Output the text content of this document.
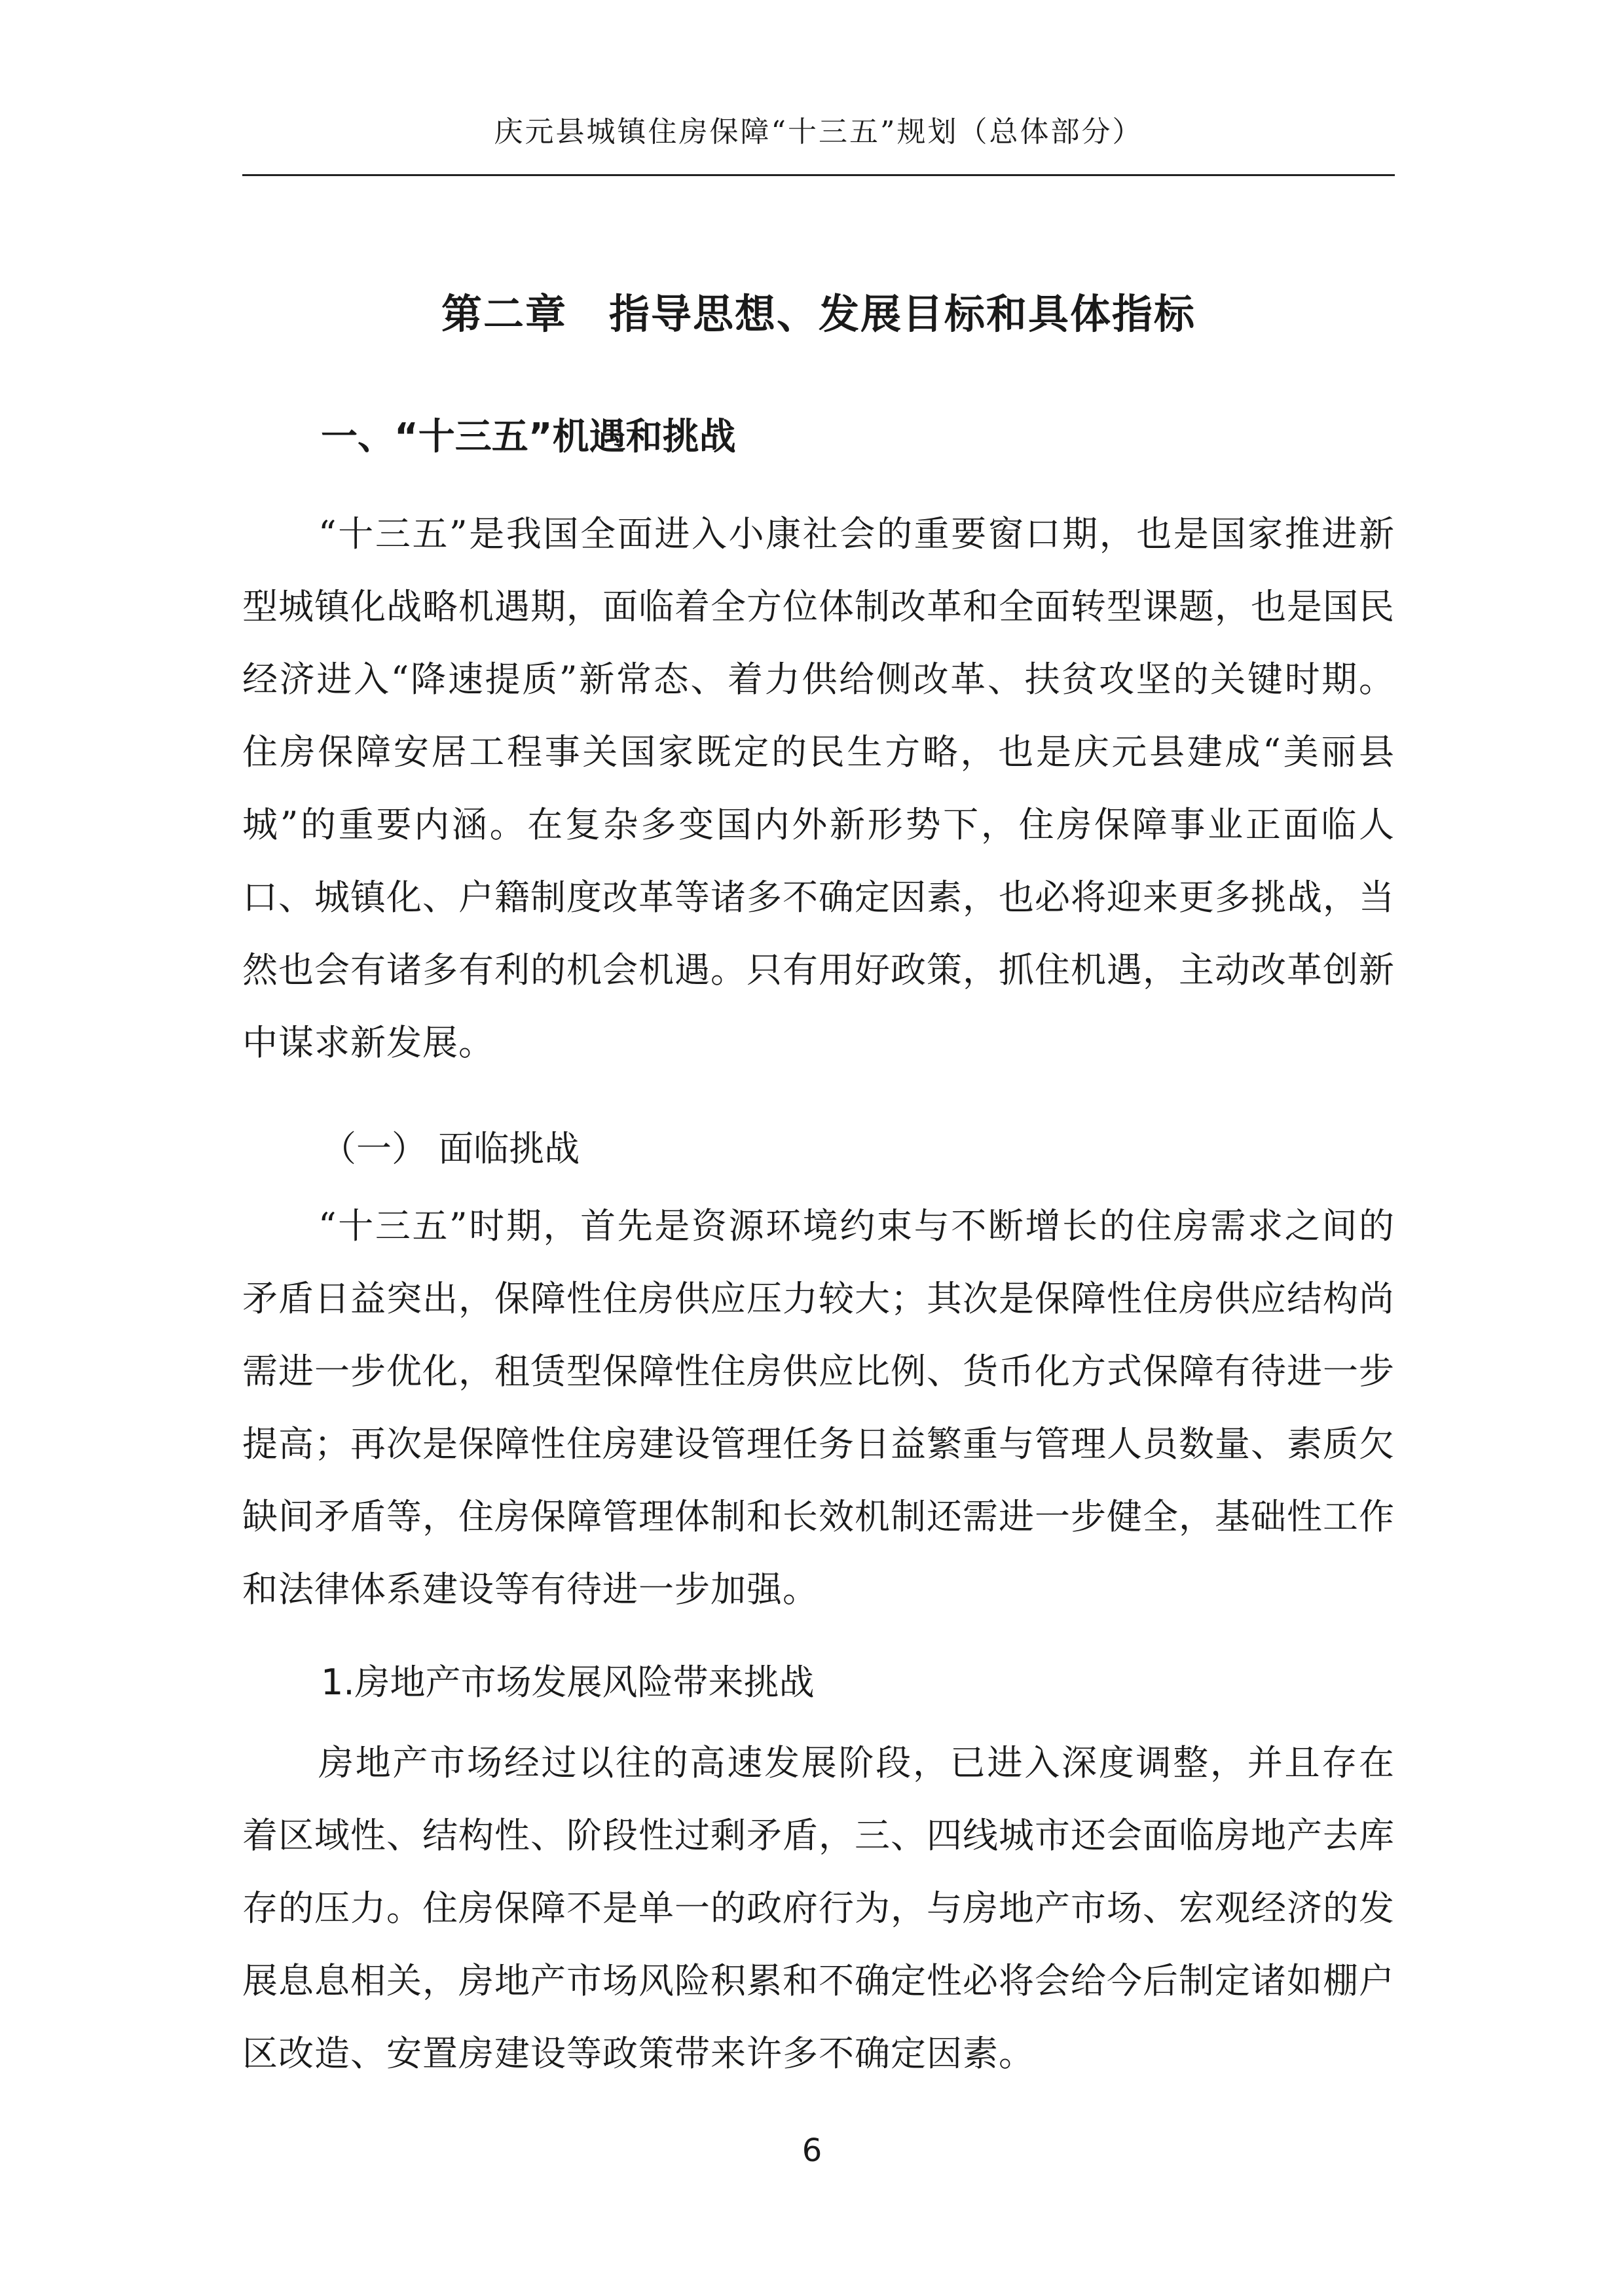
庆元县城镇住房保障“十三五”规划（总体部分）
第二章　指导思想、发展目标和具体指标
一、“十三五”机遇和挑战

“十三五”是我国全面进入小康社会的重要窗口期，也是国家推进新型城镇化战略机遇期，面临着全方位体制改革和全面转型课题，也是国民经济进入“降速提质”新常态、着力供给侧改革、扶贫攻坚的关键时期。住房保障安居工程事关国家既定的民生方略，也是庆元县建成“美丽县城”的重要内涵。在复杂多变国内外新形势下，住房保障事业正面临人口、城镇化、户籍制度改革等诸多不确定因素，也必将迎来更多挑战，当然也会有诸多有利的机会机遇。只有用好政策，抓住机遇，主动改革创新中谋求新发展。

（一） 面临挑战

“十三五”时期，首先是资源环境约束与不断增长的住房需求之间的矛盾日益突出，保障性住房供应压力较大；其次是保障性住房供应结构尚需进一步优化，租赁型保障性住房供应比例、货币化方式保障有待进一步提高；再次是保障性住房建设管理任务日益繁重与管理人员数量、素质欠缺间矛盾等，住房保障管理体制和长效机制还需进一步健全，基础性工作和法律体系建设等有待进一步加强。

1.房地产市场发展风险带来挑战

房地产市场经过以往的高速发展阶段，已进入深度调整，并且存在着区域性、结构性、阶段性过剩矛盾，三、四线城市还会面临房地产去库存的压力。住房保障不是单一的政府行为，与房地产市场、宏观经济的发展息息相关，房地产市场风险积累和不确定性必将会给今后制定诸如棚户区改造、安置房建设等政策带来许多不确定因素。

6
